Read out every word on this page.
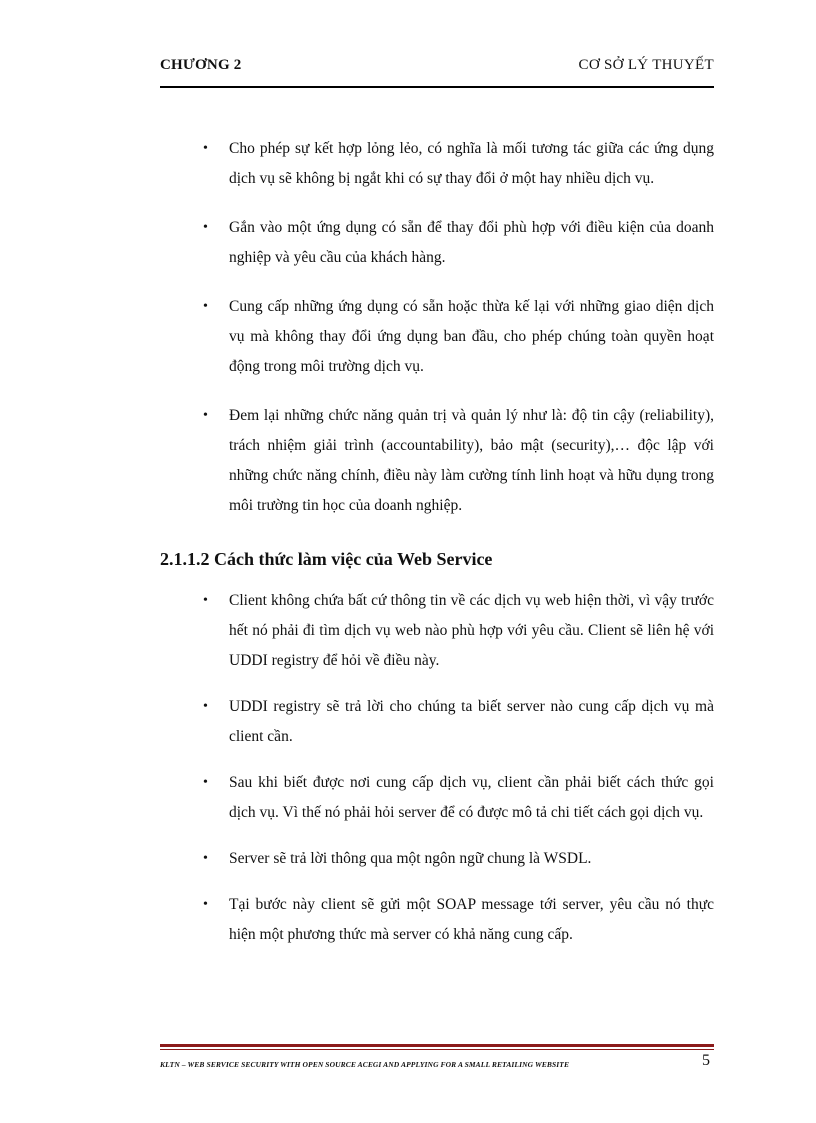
CHƯƠNG 2	CƠ SỞ LÝ THUYẾT
• Cho phép sự kết hợp lỏng lẻo, có nghĩa là mối tương tác giữa các ứng dụng dịch vụ sẽ không bị ngắt khi có sự thay đổi ở một hay nhiều dịch vụ.
• Gắn vào một ứng dụng có sẵn để thay đổi phù hợp với điều kiện của doanh nghiệp và yêu cầu của khách hàng.
• Cung cấp những ứng dụng có sẵn hoặc thừa kế lại với những giao diện dịch vụ mà không thay đổi ứng dụng ban đầu, cho phép chúng toàn quyền hoạt động trong môi trường dịch vụ.
• Đem lại những chức năng quản trị và quản lý như là: độ tin cậy (reliability), trách nhiệm giải trình (accountability), bảo mật (security),… độc lập với những chức năng chính, điều này làm cường tính linh hoạt và hữu dụng trong môi trường tin học của doanh nghiệp.
2.1.1.2 Cách thức làm việc của Web Service
• Client không chứa bất cứ thông tin về các dịch vụ web hiện thời, vì vậy trước hết nó phải đi tìm dịch vụ web nào phù hợp với yêu cầu. Client sẽ liên hệ với UDDI registry để hỏi về điều này.
• UDDI registry sẽ trả lời cho chúng ta biết server nào cung cấp dịch vụ mà client cần.
• Sau khi biết được nơi cung cấp dịch vụ, client cần phải biết cách thức gọi dịch vụ. Vì thế nó phải hỏi server để có được mô tả chi tiết cách gọi dịch vụ.
• Server sẽ trả lời thông qua một ngôn ngữ chung là WSDL.
• Tại bước này client sẽ gửi một SOAP message tới server, yêu cầu nó thực hiện một phương thức mà server có khả năng cung cấp.
KLTN – WEB SERVICE SECURITY WITH OPEN SOURCE ACEGI AND APPLYING FOR A SMALL RETAILING WEBSITE	5
